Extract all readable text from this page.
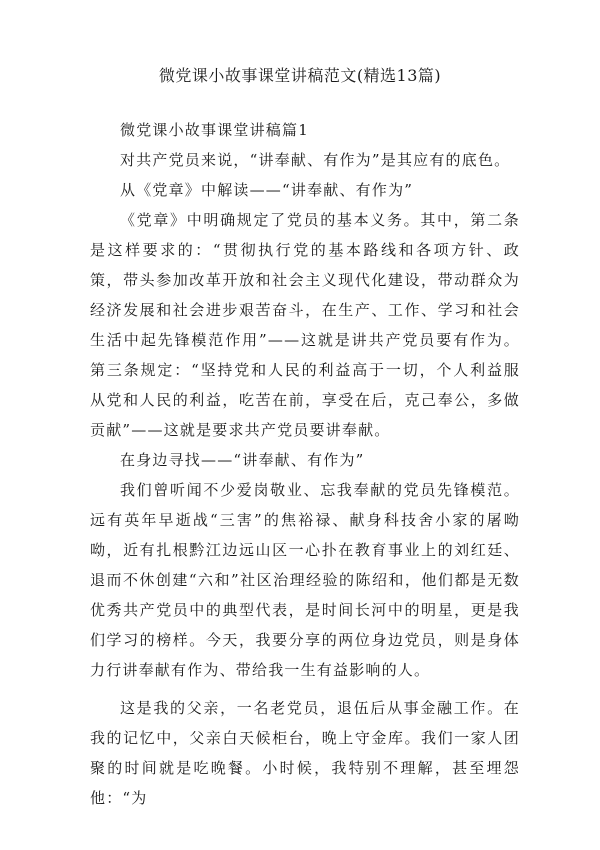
微党课小故事课堂讲稿范文(精选13篇)

微党课小故事课堂讲稿篇1

对共产党员来说，“讲奉献、有作为”是其应有的底色。

从《党章》中解读——“讲奉献、有作为”

《党章》中明确规定了党员的基本义务。其中，第二条是这样要求的：“贯彻执行党的基本路线和各项方针、政策，带头参加改革开放和社会主义现代化建设，带动群众为经济发展和社会进步艰苦奋斗，在生产、工作、学习和社会生活中起先锋模范作用”——这就是讲共产党员要有作为。第三条规定：“坚持党和人民的利益高于一切，个人利益服从党和人民的利益，吃苦在前，享受在后，克己奉公，多做贡献”——这就是要求共产党员要讲奉献。

在身边寻找——“讲奉献、有作为”

我们曾听闻不少爱岗敬业、忘我奉献的党员先锋模范。远有英年早逝战“三害”的焦裕禄、献身科技舍小家的屠呦呦，近有扎根黔江边远山区一心扑在教育事业上的刘红廷、退而不休创建“六和”社区治理经验的陈绍和，他们都是无数优秀共产党员中的典型代表，是时间长河中的明星，更是我们学习的榜样。今天，我要分享的两位身边党员，则是身体力行讲奉献有作为、带给我一生有益影响的人。

这是我的父亲，一名老党员，退伍后从事金融工作。在我的记忆中，父亲白天候柜台，晚上守金库。我们一家人团聚的时间就是吃晚餐。小时候，我特别不理解，甚至埋怨他：“为
